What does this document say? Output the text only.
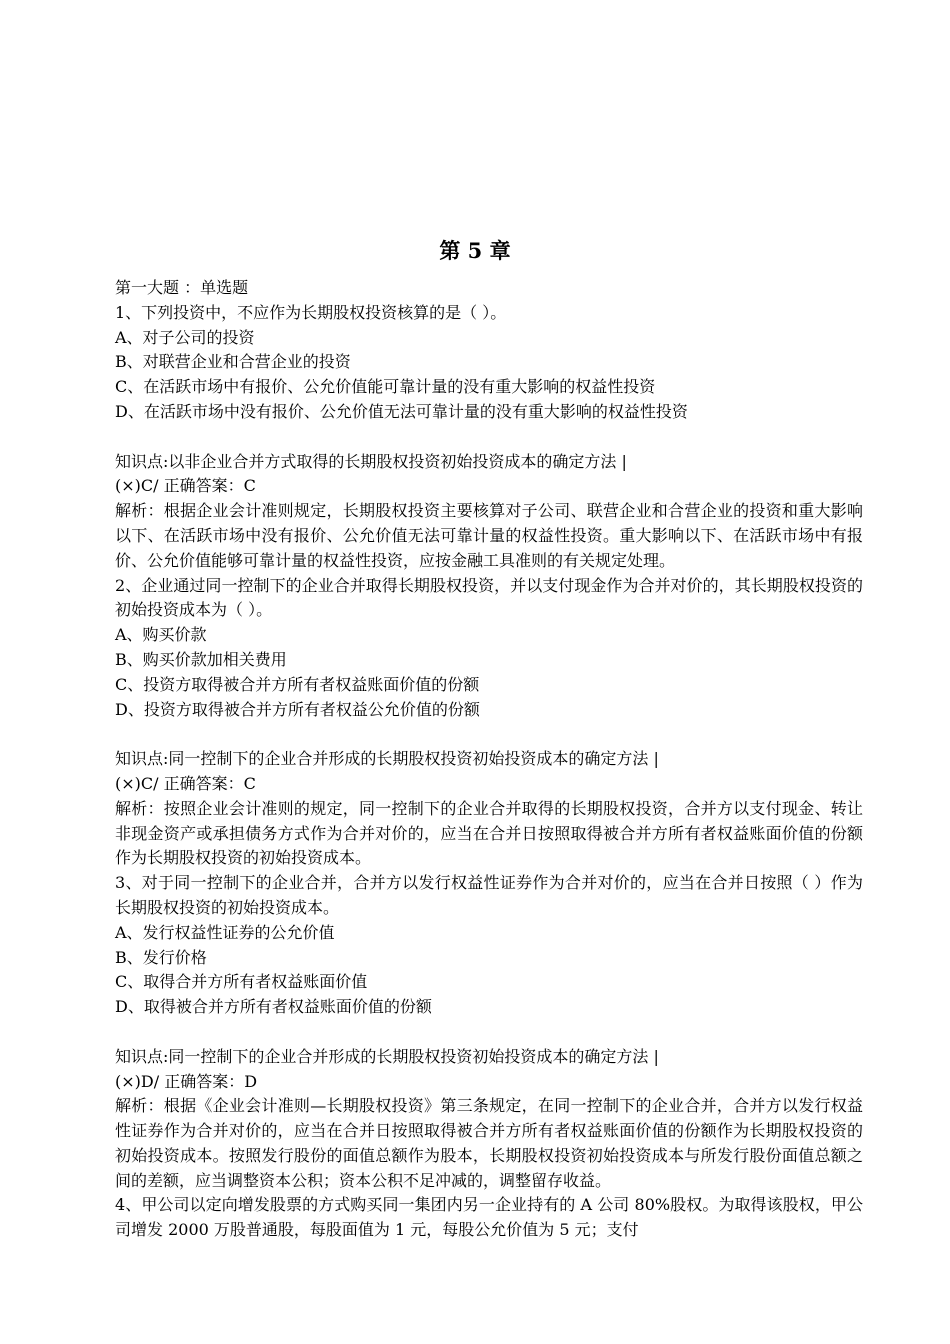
第 5 章
第一大题 ：单选题
1、下列投资中，不应作为长期股权投资核算的是（ ）。
A、对子公司的投资
B、对联营企业和合营企业的投资
C、在活跃市场中有报价、公允价值能可靠计量的没有重大影响的权益性投资
D、在活跃市场中没有报价、公允价值无法可靠计量的没有重大影响的权益性投资
知识点:以非企业合并方式取得的长期股权投资初始投资成本的确定方法 |
(×)C/ 正确答案：C
解析：根据企业会计准则规定，长期股权投资主要核算对子公司、联营企业和合营企业的投资和重大影响以下、在活跃市场中没有报价、公允价值无法可靠计量的权益性投资。重大影响以下、在活跃市场中有报价、公允价值能够可靠计量的权益性投资，应按金融工具准则的有关规定处理。
2、企业通过同一控制下的企业合并取得长期股权投资，并以支付现金作为合并对价的，其长期股权投资的初始投资成本为（ ）。
A、购买价款
B、购买价款加相关费用
C、投资方取得被合并方所有者权益账面价值的份额
D、投资方取得被合并方所有者权益公允价值的份额
知识点:同一控制下的企业合并形成的长期股权投资初始投资成本的确定方法 |
(×)C/ 正确答案：C
解析：按照企业会计准则的规定，同一控制下的企业合并取得的长期股权投资，合并方以支付现金、转让非现金资产或承担债务方式作为合并对价的，应当在合并日按照取得被合并方所有者权益账面价值的份额作为长期股权投资的初始投资成本。
3、对于同一控制下的企业合并，合并方以发行权益性证券作为合并对价的，应当在合并日按照（ ）作为长期股权投资的初始投资成本。
A、发行权益性证券的公允价值
B、发行价格
C、取得合并方所有者权益账面价值
D、取得被合并方所有者权益账面价值的份额
知识点:同一控制下的企业合并形成的长期股权投资初始投资成本的确定方法 |
(×)D/ 正确答案：D
解析：根据《企业会计准则—长期股权投资》第三条规定，在同一控制下的企业合并，合并方以发行权益性证券作为合并对价的，应当在合并日按照取得被合并方所有者权益账面价值的份额作为长期股权投资的初始投资成本。按照发行股份的面值总额作为股本，长期股权投资初始投资成本与所发行股份面值总额之间的差额，应当调整资本公积；资本公积不足冲减的，调整留存收益。
4、甲公司以定向增发股票的方式购买同一集团内另一企业持有的 A 公司 80%股权。为取得该股权，甲公司增发 2000 万股普通股，每股面值为 1 元，每股公允价值为 5 元；支付
